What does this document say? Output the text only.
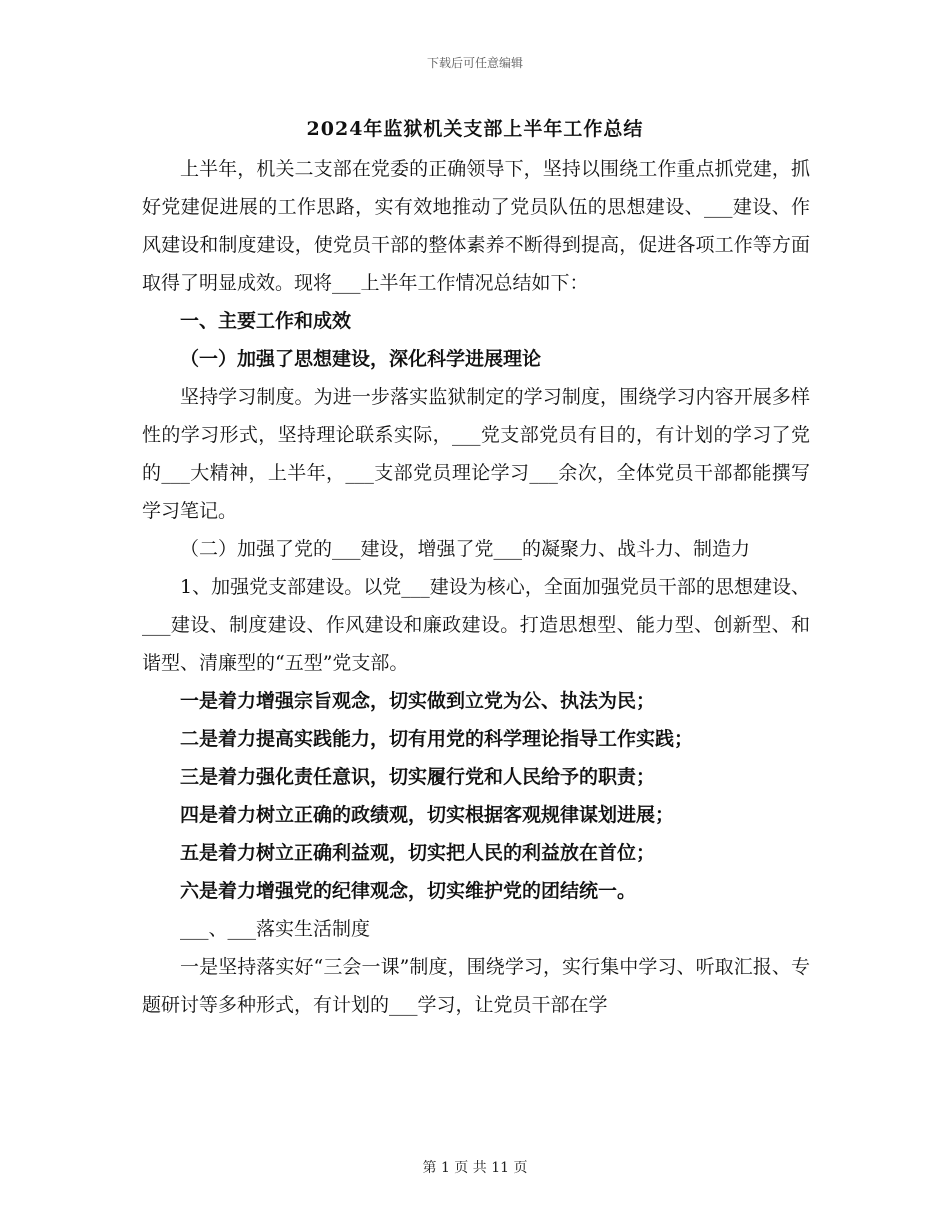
下载后可任意编辑
2024年监狱机关支部上半年工作总结

上半年，机关二支部在党委的正确领导下，坚持以围绕工作重点抓党建，抓好党建促进展的工作思路，实有效地推动了党员队伍的思想建设、___建设、作风建设和制度建设，使党员干部的整体素养不断得到提高，促进各项工作等方面取得了明显成效。现将___上半年工作情况总结如下：

一、主要工作和成效

（一）加强了思想建设，深化科学进展理论

坚持学习制度。为进一步落实监狱制定的学习制度，围绕学习内容开展多样性的学习形式，坚持理论联系实际，___党支部党员有目的，有计划的学习了党的___大精神，上半年，___支部党员理论学习___余次，全体党员干部都能撰写学习笔记。

（二）加强了党的___建设，增强了党___的凝聚力、战斗力、制造力

1、加强党支部建设。以党___建设为核心，全面加强党员干部的思想建设、___建设、制度建设、作风建设和廉政建设。打造思想型、能力型、创新型、和谐型、清廉型的“五型”党支部。

一是着力增强宗旨观念，切实做到立党为公、执法为民；

二是着力提高实践能力，切有用党的科学理论指导工作实践；

三是着力强化责任意识，切实履行党和人民给予的职责；

四是着力树立正确的政绩观，切实根据客观规律谋划进展；

五是着力树立正确利益观，切实把人民的利益放在首位；

六是着力增强党的纪律观念，切实维护党的团结统一。

___、___落实生活制度

一是坚持落实好“三会一课”制度，围绕学习，实行集中学习、听取汇报、专题研讨等多种形式，有计划的___学习，让党员干部在学

第 1 页 共 11 页
